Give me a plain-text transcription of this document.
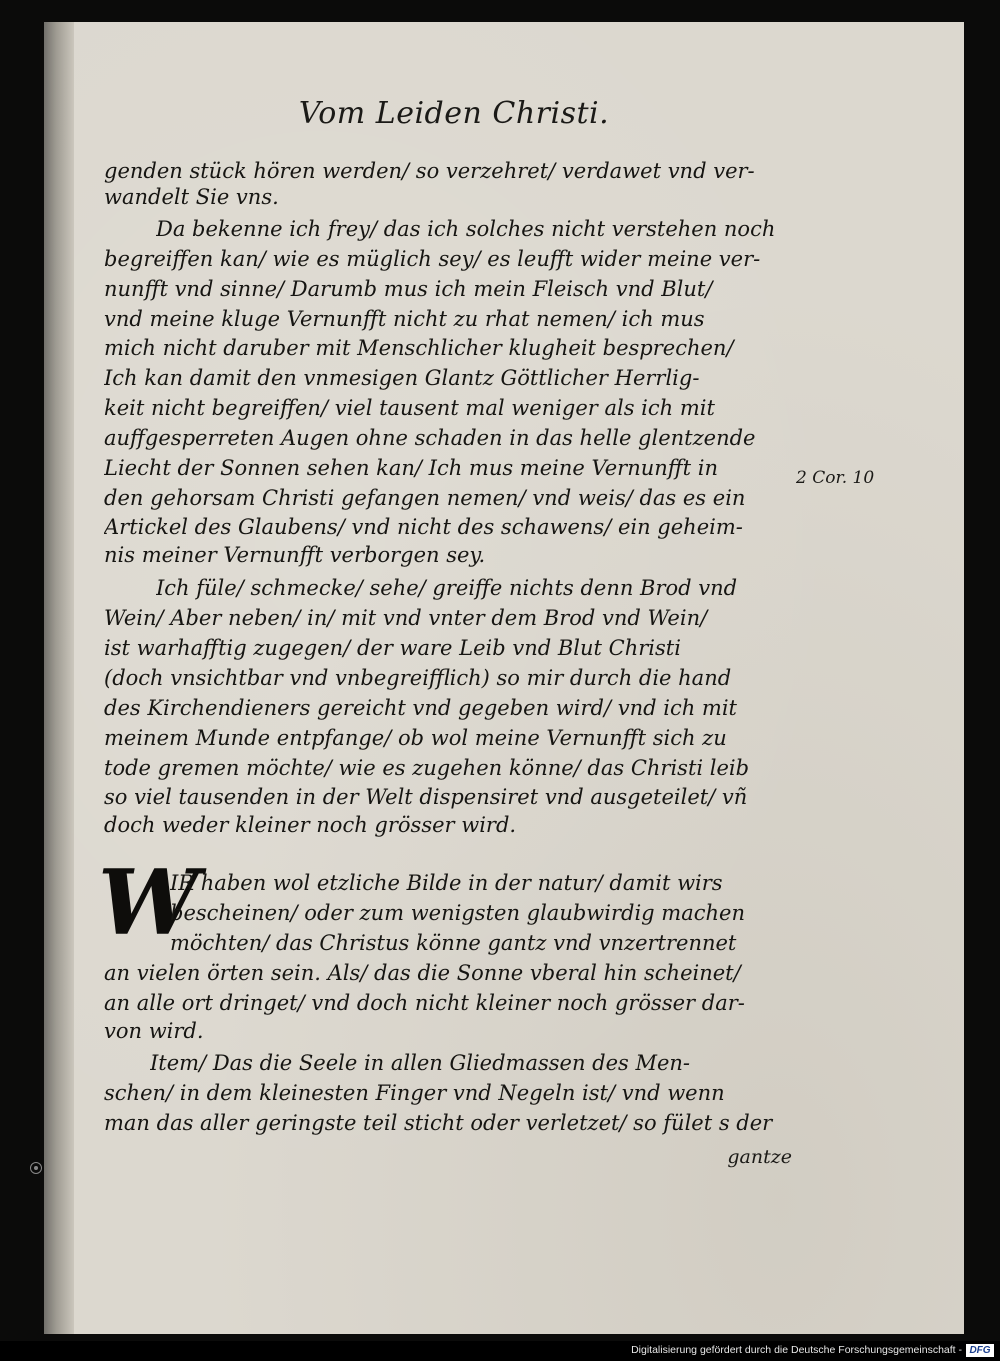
Vom Leiden Christi.
W
genden stück hören werden/ so verzehret/ verdawet vnd ver-
wandelt Sie vns.
Da bekenne ich frey/ das ich solches nicht verstehen noch
begreiffen kan/ wie es müglich sey/ es leufft wider meine ver-
nunfft vnd sinne/ Darumb mus ich mein Fleisch vnd Blut/
vnd meine kluge Vernunfft nicht zu rhat nemen/ ich mus
mich nicht daruber mit Menschlicher klugheit besprechen/
Ich kan damit den vnmesigen Glantz Göttlicher Herrlig-
keit nicht begreiffen/ viel tausent mal weniger als ich mit
auffgesperreten Augen ohne schaden in das helle glentzende
Liecht der Sonnen sehen kan/ Ich mus meine Vernunfft in
den gehorsam Christi gefangen nemen/ vnd weis/ das es ein
Artickel des Glaubens/ vnd nicht des schawens/ ein geheim-
nis meiner Vernunfft verborgen sey.
Ich füle/ schmecke/ sehe/ greiffe nichts denn Brod vnd
Wein/ Aber neben/ in/ mit vnd vnter dem Brod vnd Wein/
ist warhafftig zugegen/ der ware Leib vnd Blut Christi
(doch vnsichtbar vnd vnbegreifflich) so mir durch die hand
des Kirchendieners gereicht vnd gegeben wird/ vnd ich mit
meinem Munde entpfange/ ob wol meine Vernunfft sich zu
tode gremen möchte/ wie es zugehen könne/ das Christi leib
so viel tausenden in der Welt dispensiret vnd ausgeteilet/ vñ
doch weder kleiner noch grösser wird.
IR haben wol etzliche Bilde in der natur/ damit wirs
bescheinen/ oder zum wenigsten glaubwirdig machen
möchten/ das Christus könne gantz vnd vnzertrennet
an vielen örten sein. Als/ das die Sonne vberal hin scheinet/
an alle ort dringet/ vnd doch nicht kleiner noch grösser dar-
von wird.
Item/ Das die Seele in allen Gliedmassen des Men-
schen/ in dem kleinesten Finger vnd Negeln ist/ vnd wenn
man das aller geringste teil sticht oder verletzet/ so fület s der
2 Cor. 10
gantze
Digitalisierung gefördert durch die Deutsche Forschungsgemeinschaft - DFG
